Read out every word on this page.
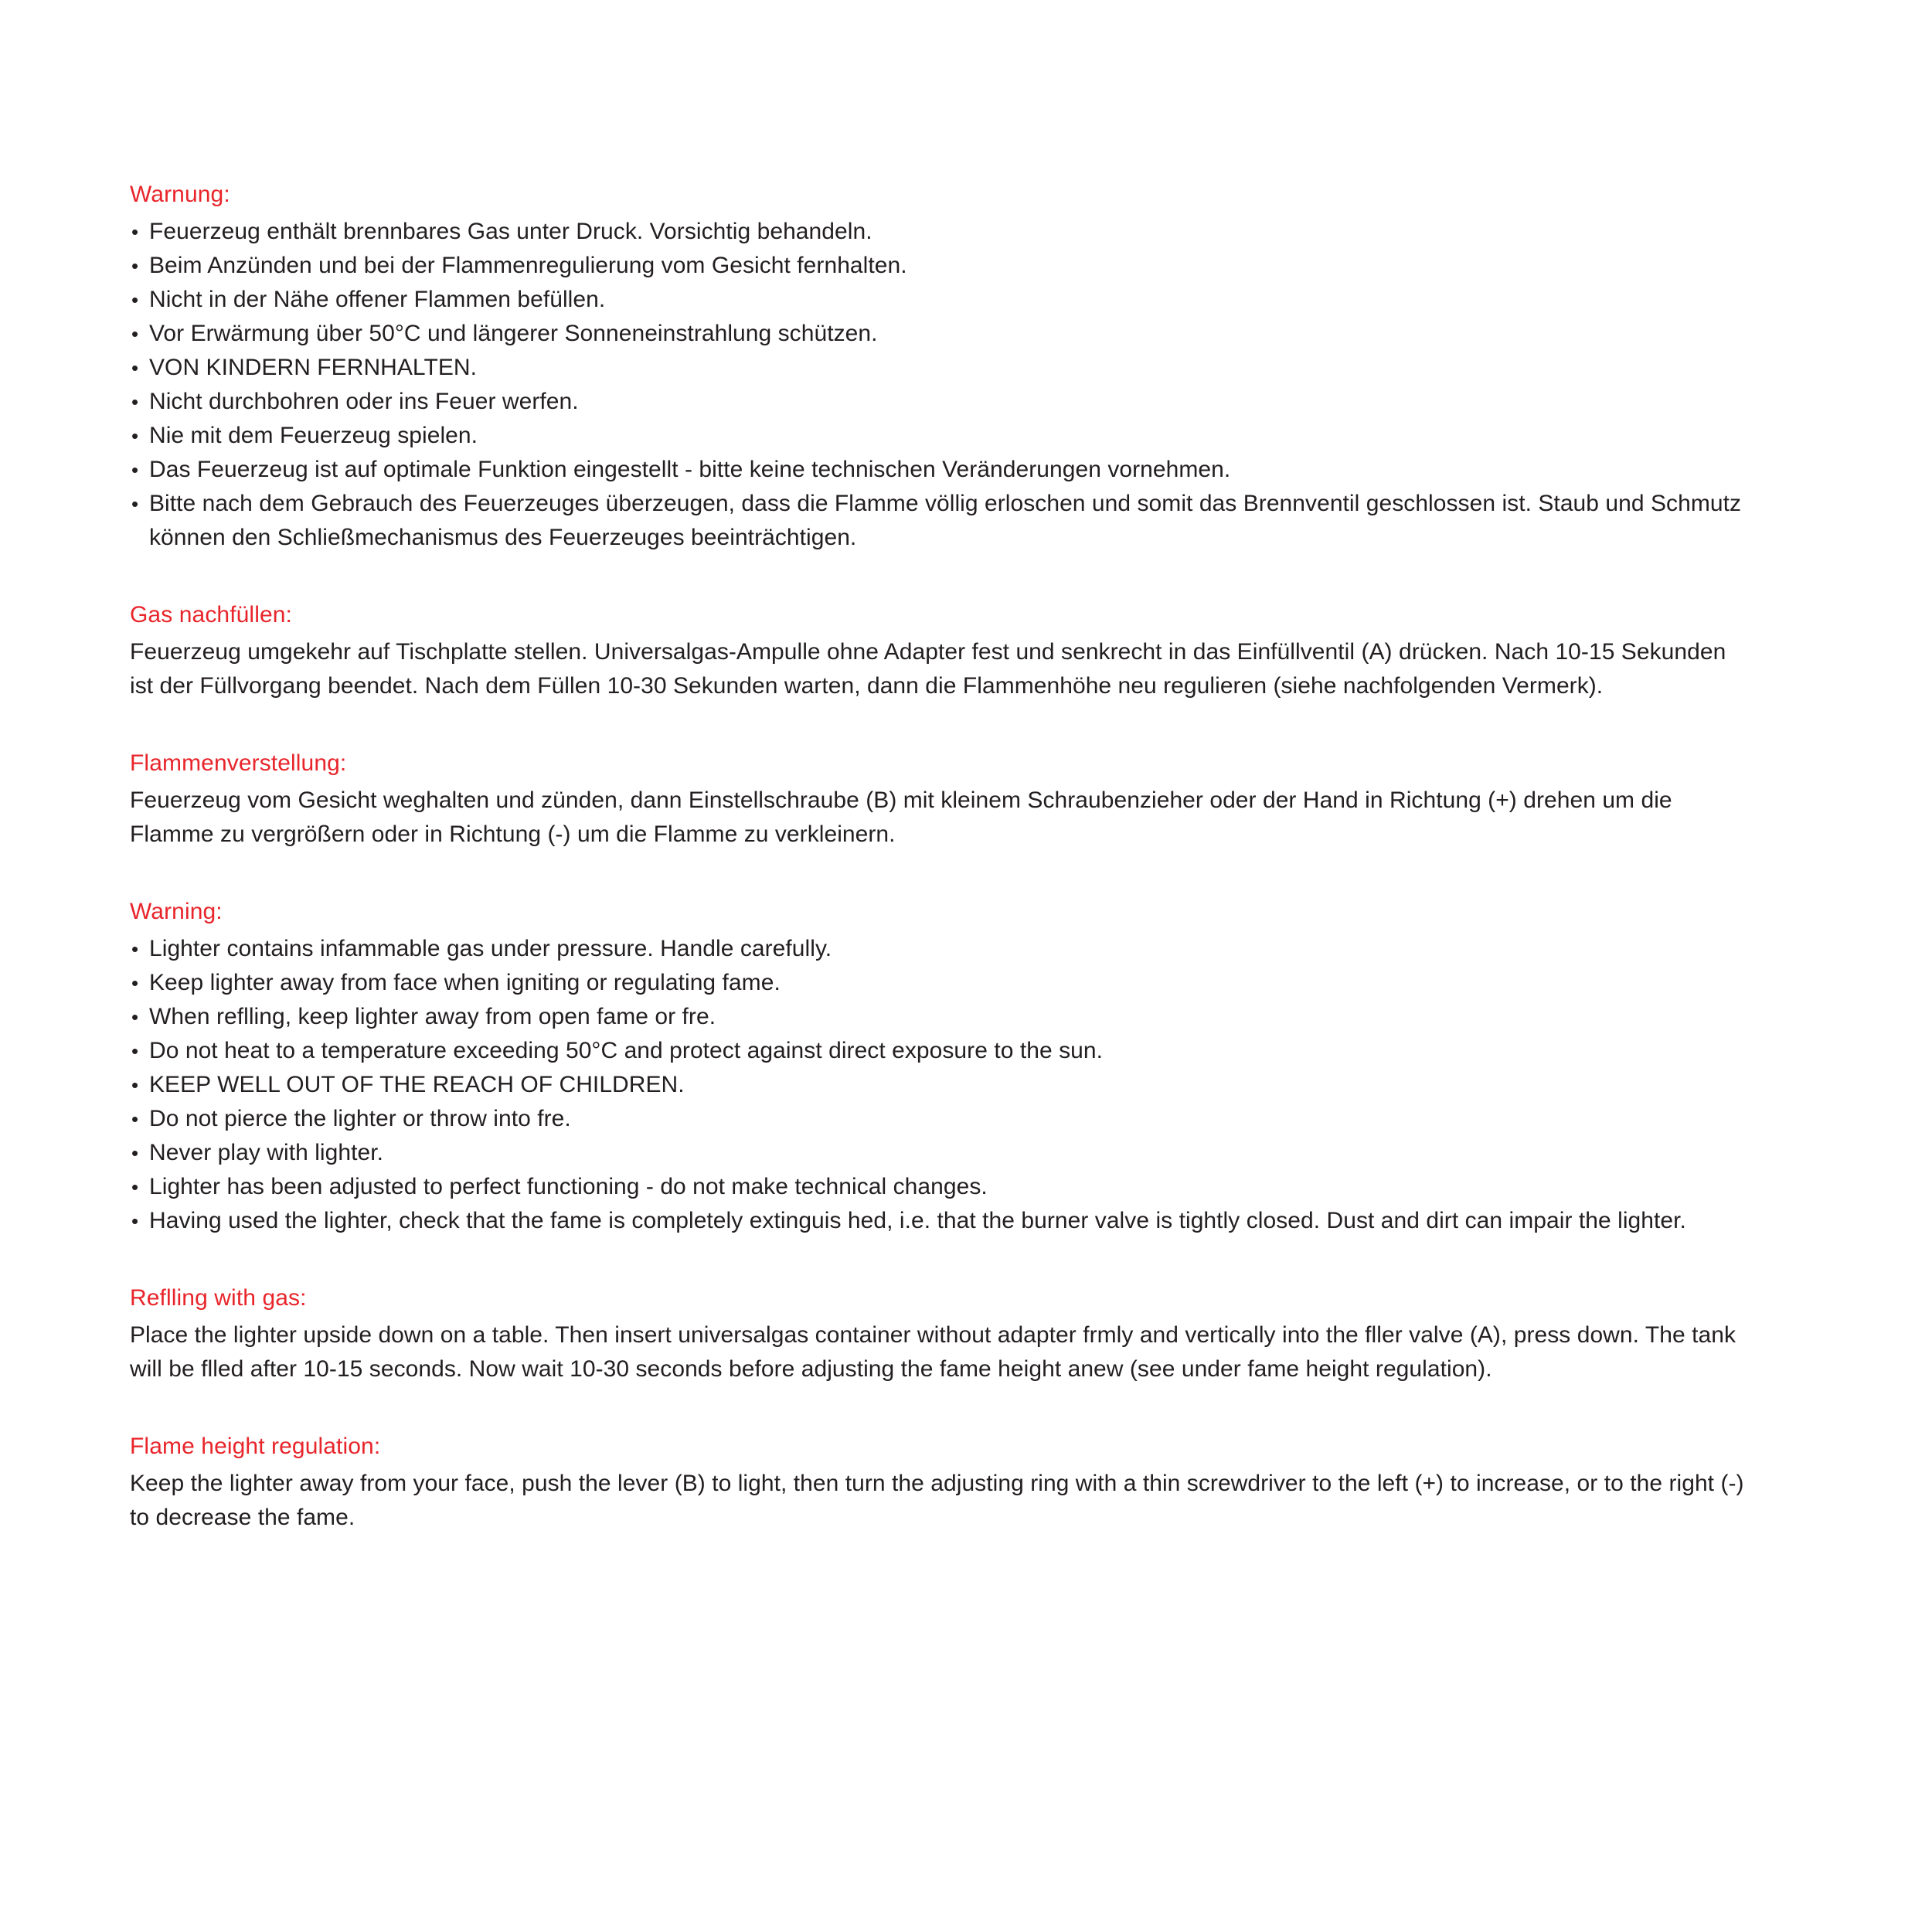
Warnung:

• Feuerzeug enthält brennbares Gas unter Druck. Vorsichtig behandeln.
• Beim Anzünden und bei der Flammenregulierung vom Gesicht fernhalten.
• Nicht in der Nähe offener Flammen befüllen.
• Vor Erwärmung über 50°C und längerer Sonneneinstrahlung schützen.
• VON KINDERN FERNHALTEN.
• Nicht durchbohren oder ins Feuer werfen.
• Nie mit dem Feuerzeug spielen.
• Das Feuerzeug ist auf optimale Funktion eingestellt - bitte keine technischen Veränderungen vornehmen.
• Bitte nach dem Gebrauch des Feuerzeuges überzeugen, dass die Flamme völlig erloschen und somit das Brennventil geschlossen ist. Staub und Schmutz können den Schließmechanismus des Feuerzeuges beeinträchtigen.

Gas nachfüllen:

Feuerzeug umgekehr auf Tischplatte stellen. Universalgas-Ampulle ohne Adapter fest und senkrecht in das Einfüllventil (A) drücken. Nach 10-15 Sekunden ist der Füllvorgang beendet. Nach dem Füllen 10-30 Sekunden warten, dann die Flammenhöhe neu regulieren (siehe nachfolgenden Vermerk).

Flammenverstellung:

Feuerzeug vom Gesicht weghalten und zünden, dann Einstellschraube (B) mit kleinem Schraubenzieher oder der Hand in Richtung (+) drehen um die Flamme zu vergrößern oder in Richtung (-) um die Flamme zu verkleinern.

Warning:

• Lighter contains infammable gas under pressure. Handle carefully.
• Keep lighter away from face when igniting or regulating fame.
• When reflling, keep lighter away from open fame or fre.
• Do not heat to a temperature exceeding 50°C and protect against direct exposure to the sun.
• KEEP WELL OUT OF THE REACH OF CHILDREN.
• Do not pierce the lighter or throw into fre.
• Never play with lighter.
• Lighter has been adjusted to perfect functioning - do not make technical changes.
• Having used the lighter, check that the fame is completely extinguis hed, i.e. that the burner valve is tightly closed. Dust and dirt can impair the lighter.

Reflling with gas:

Place the lighter upside down on a table. Then insert universalgas container without adapter frmly and vertically into the fller valve (A), press down. The tank will be flled after 10-15 seconds. Now wait 10-30 seconds before adjusting the fame height anew (see under fame height regulation).

Flame height regulation:

Keep the lighter away from your face, push the lever (B) to light, then turn the adjusting ring with a thin screwdriver to the left (+) to increase, or to the right (-) to decrease the fame.
